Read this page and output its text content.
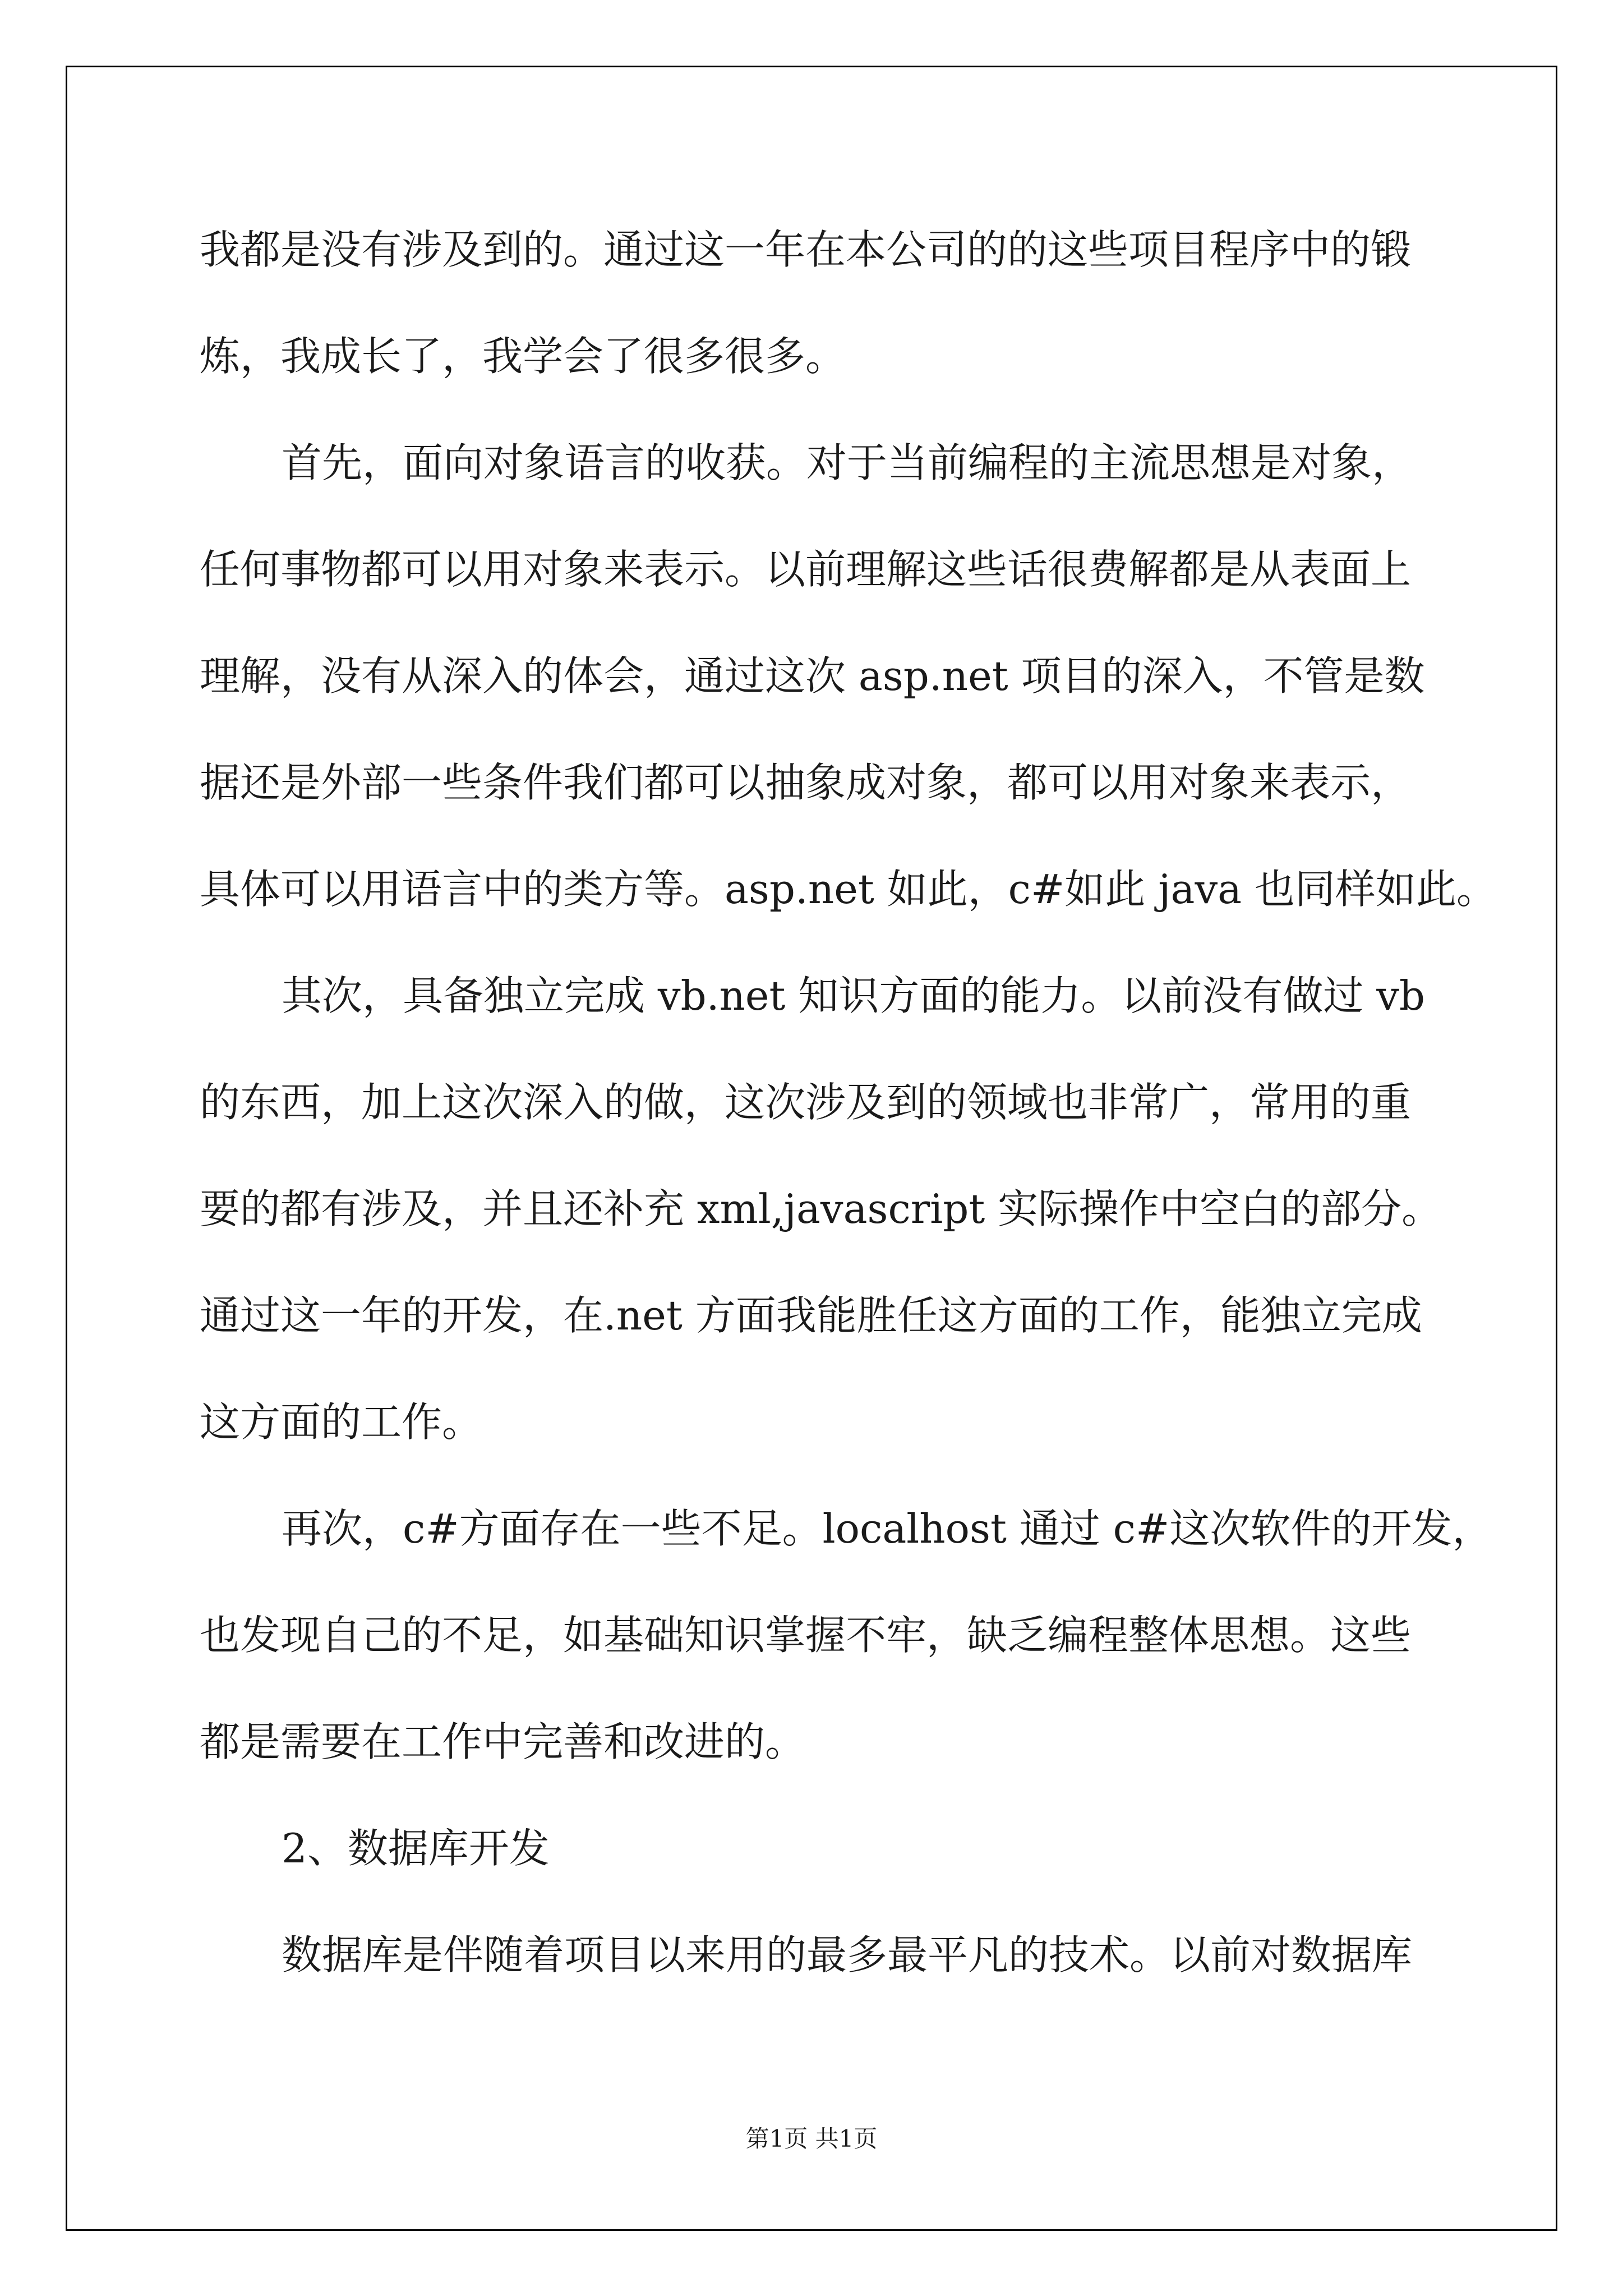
我都是没有涉及到的。通过这一年在本公司的的这些项目程序中的锻
炼，我成长了，我学会了很多很多。
首先，面向对象语言的收获。对于当前编程的主流思想是对象，
任何事物都可以用对象来表示。以前理解这些话很费解都是从表面上
理解，没有从深入的体会，通过这次 asp.net 项目的深入，不管是数
据还是外部一些条件我们都可以抽象成对象，都可以用对象来表示，
具体可以用语言中的类方等。asp.net 如此，c#如此 java 也同样如此。
其次，具备独立完成 vb.net 知识方面的能力。以前没有做过 vb
的东西，加上这次深入的做，这次涉及到的领域也非常广，常用的重
要的都有涉及，并且还补充 xml,javascript 实际操作中空白的部分。
通过这一年的开发，在.net 方面我能胜任这方面的工作，能独立完成
这方面的工作。
再次，c#方面存在一些不足。localhost 通过 c#这次软件的开发，
也发现自己的不足，如基础知识掌握不牢，缺乏编程整体思想。这些
都是需要在工作中完善和改进的。
2、数据库开发
数据库是伴随着项目以来用的最多最平凡的技术。以前对数据库
第1页 共1页
